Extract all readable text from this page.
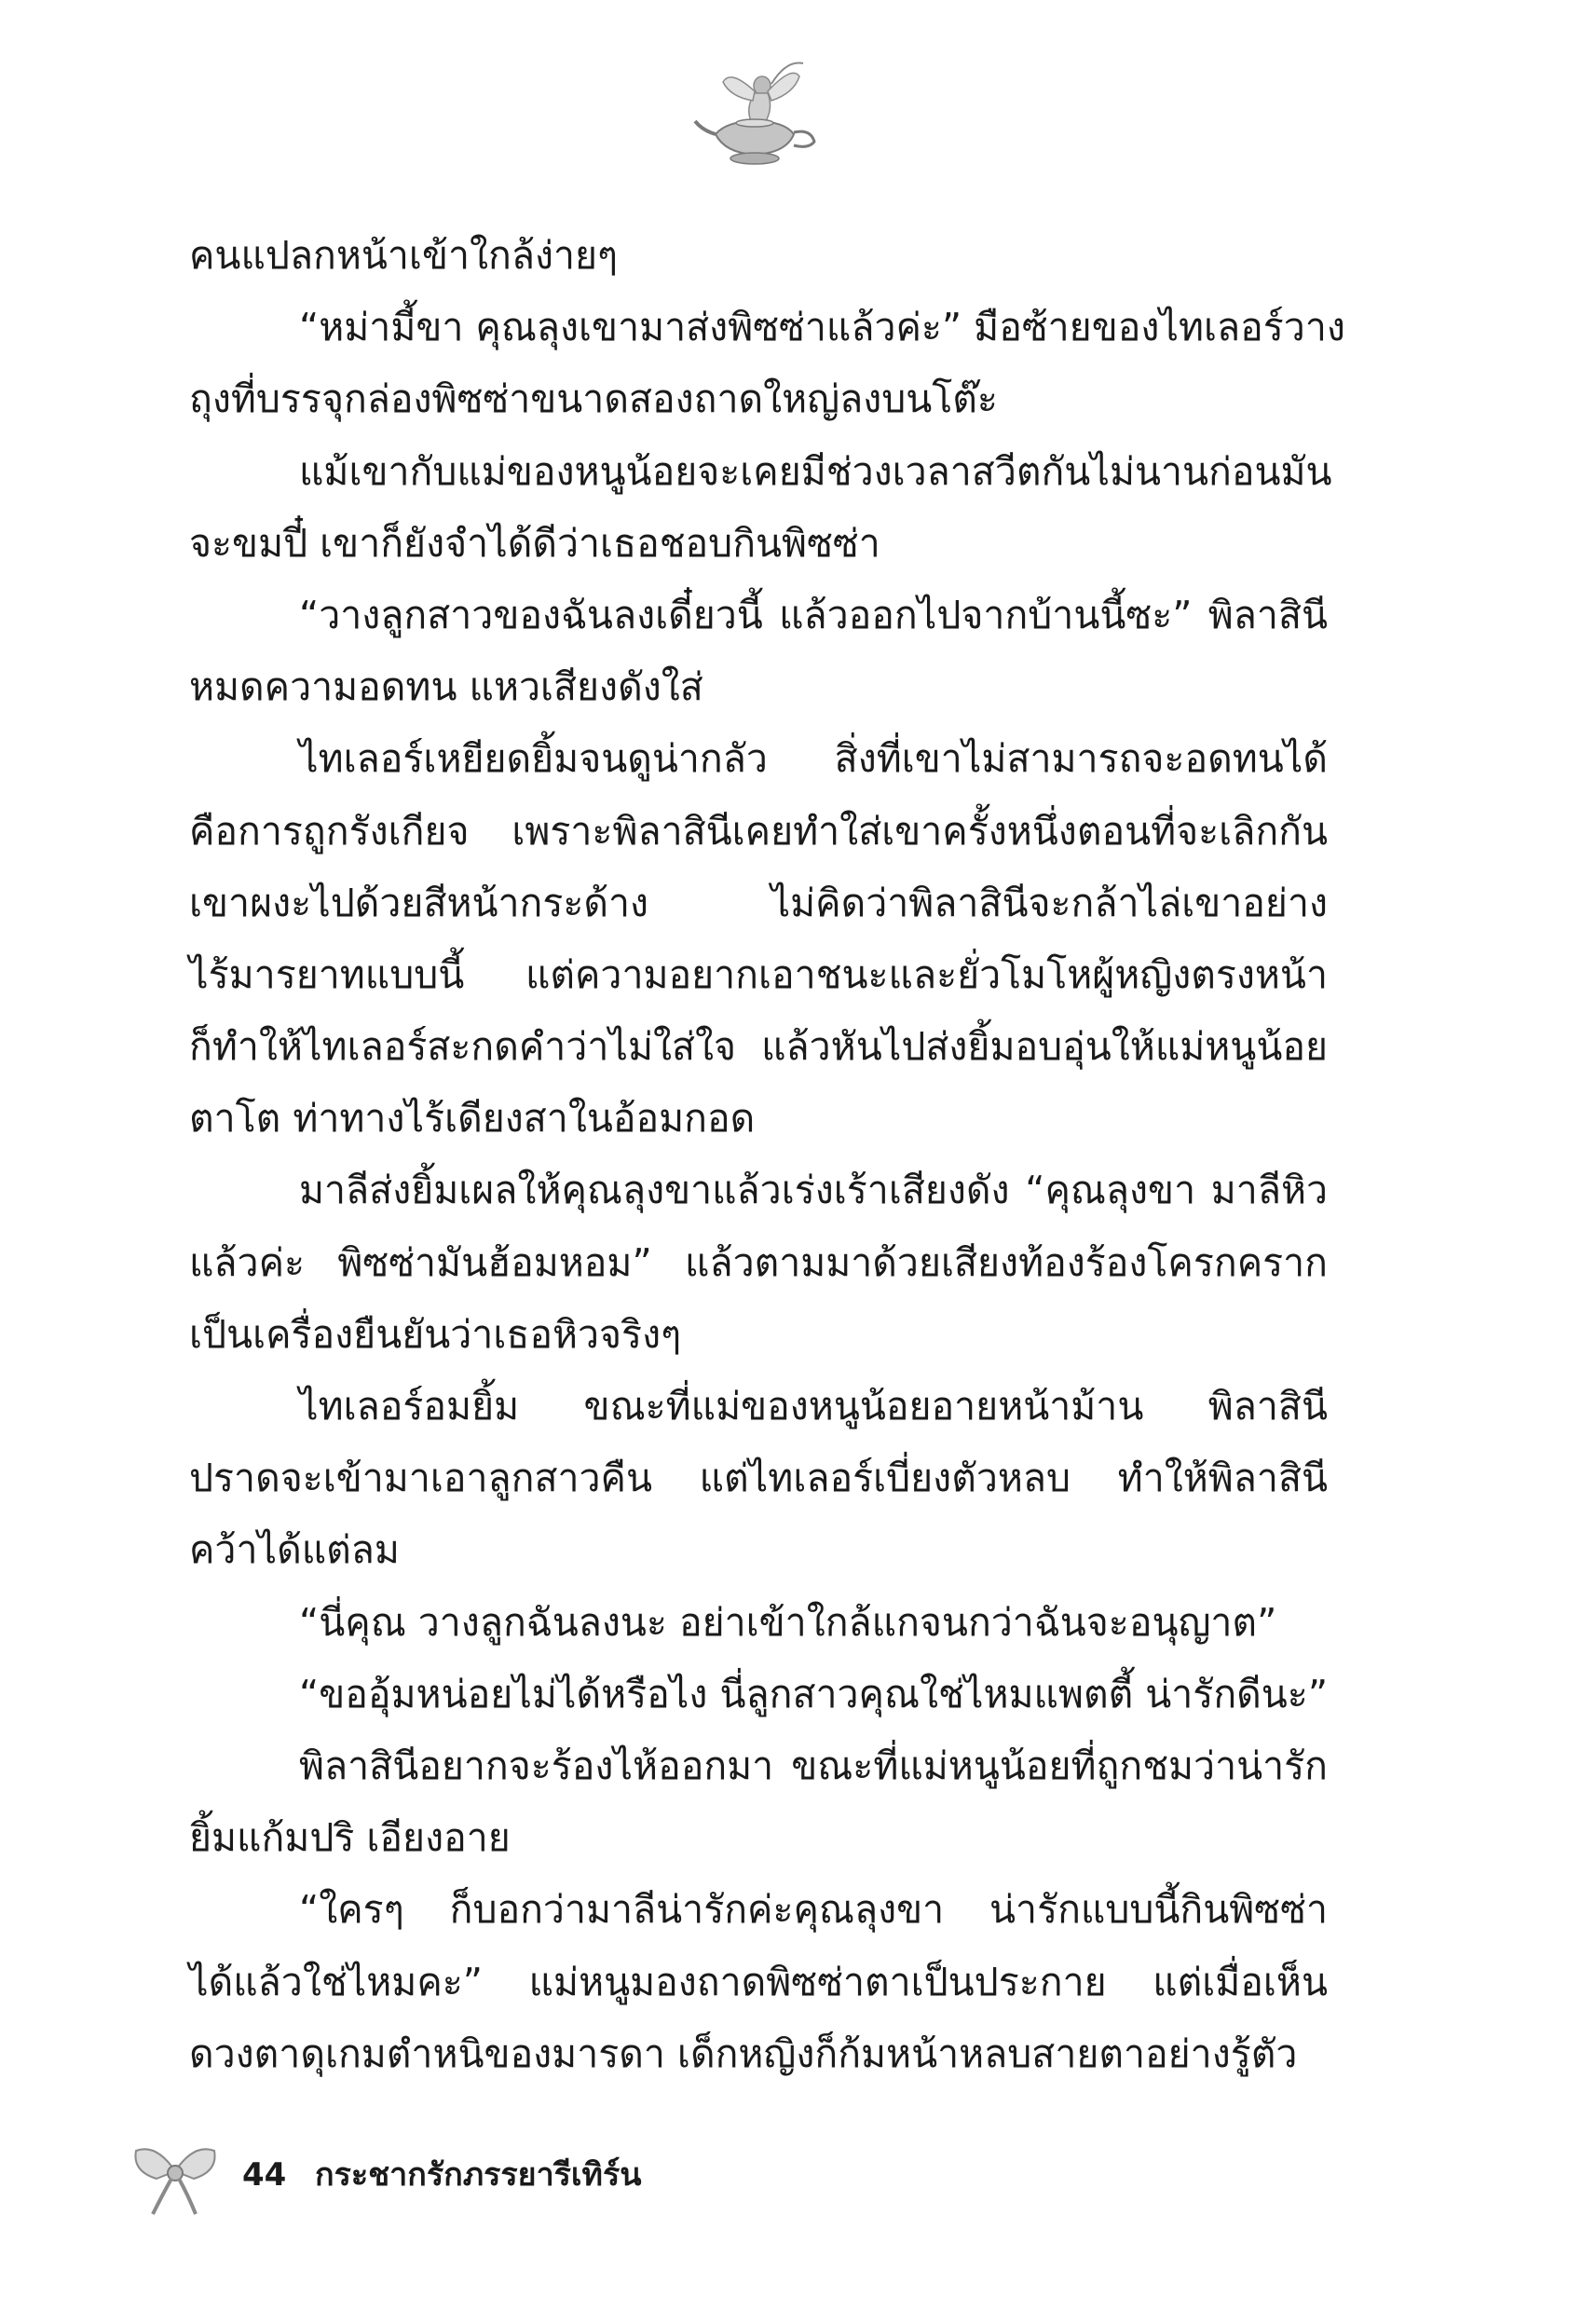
คนแปลกหน้าเข้าใกล้ง่ายๆ
“หม่ามี้ขา คุณลุงเขามาส่งพิซซ่าแล้วค่ะ” มือซ้ายของไทเลอร์วาง
ถุงที่บรรจุกล่องพิซซ่าขนาดสองถาดใหญ่ลงบนโต๊ะ
แม้เขากับแม่ของหนูน้อยจะเคยมีช่วงเวลาสวีตกันไม่นานก่อนมัน
จะขมปี๋ เขาก็ยังจำได้ดีว่าเธอชอบกินพิซซ่า
“วางลูกสาวของฉันลงเดี๋ยวนี้ แล้วออกไปจากบ้านนี้ซะ” พิลาสินี
หมดความอดทน แหวเสียงดังใส่
ไทเลอร์เหยียดยิ้มจนดูน่ากลัว สิ่งที่เขาไม่สามารถจะอดทนได้
คือการถูกรังเกียจ เพราะพิลาสินีเคยทำใส่เขาครั้งหนึ่งตอนที่จะเลิกกัน
เขาผงะไปด้วยสีหน้ากระด้าง ไม่คิดว่าพิลาสินีจะกล้าไล่เขาอย่าง
ไร้มารยาทแบบนี้ แต่ความอยากเอาชนะและยั่วโมโหผู้หญิงตรงหน้า
ก็ทำให้ไทเลอร์สะกดคำว่าไม่ใส่ใจ แล้วหันไปส่งยิ้มอบอุ่นให้แม่หนูน้อย
ตาโต ท่าทางไร้เดียงสาในอ้อมกอด
มาลีส่งยิ้มเผลให้คุณลุงขาแล้วเร่งเร้าเสียงดัง “คุณลุงขา มาลีหิว
แล้วค่ะ พิซซ่ามันฮ้อมหอม” แล้วตามมาด้วยเสียงท้องร้องโครกคราก
เป็นเครื่องยืนยันว่าเธอหิวจริงๆ
ไทเลอร์อมยิ้ม ขณะที่แม่ของหนูน้อยอายหน้าม้าน พิลาสินี
ปราดจะเข้ามาเอาลูกสาวคืน แต่ไทเลอร์เบี่ยงตัวหลบ ทำให้พิลาสินี
คว้าได้แต่ลม
“นี่คุณ วางลูกฉันลงนะ อย่าเข้าใกล้แกจนกว่าฉันจะอนุญาต”
“ขออุ้มหน่อยไม่ได้หรือไง นี่ลูกสาวคุณใช่ไหมแพตตี้ น่ารักดีนะ”
พิลาสินีอยากจะร้องไห้ออกมา ขณะที่แม่หนูน้อยที่ถูกชมว่าน่ารัก
ยิ้มแก้มปริ เอียงอาย
“ใครๆ ก็บอกว่ามาลีน่ารักค่ะคุณลุงขา น่ารักแบบนี้กินพิซซ่า
ได้แล้วใช่ไหมคะ” แม่หนูมองถาดพิซซ่าตาเป็นประกาย แต่เมื่อเห็น
ดวงตาดุเกมตำหนิของมารดา เด็กหญิงก็ก้มหน้าหลบสายตาอย่างรู้ตัว
44 กระชากรักภรรยารีเทิร์น
